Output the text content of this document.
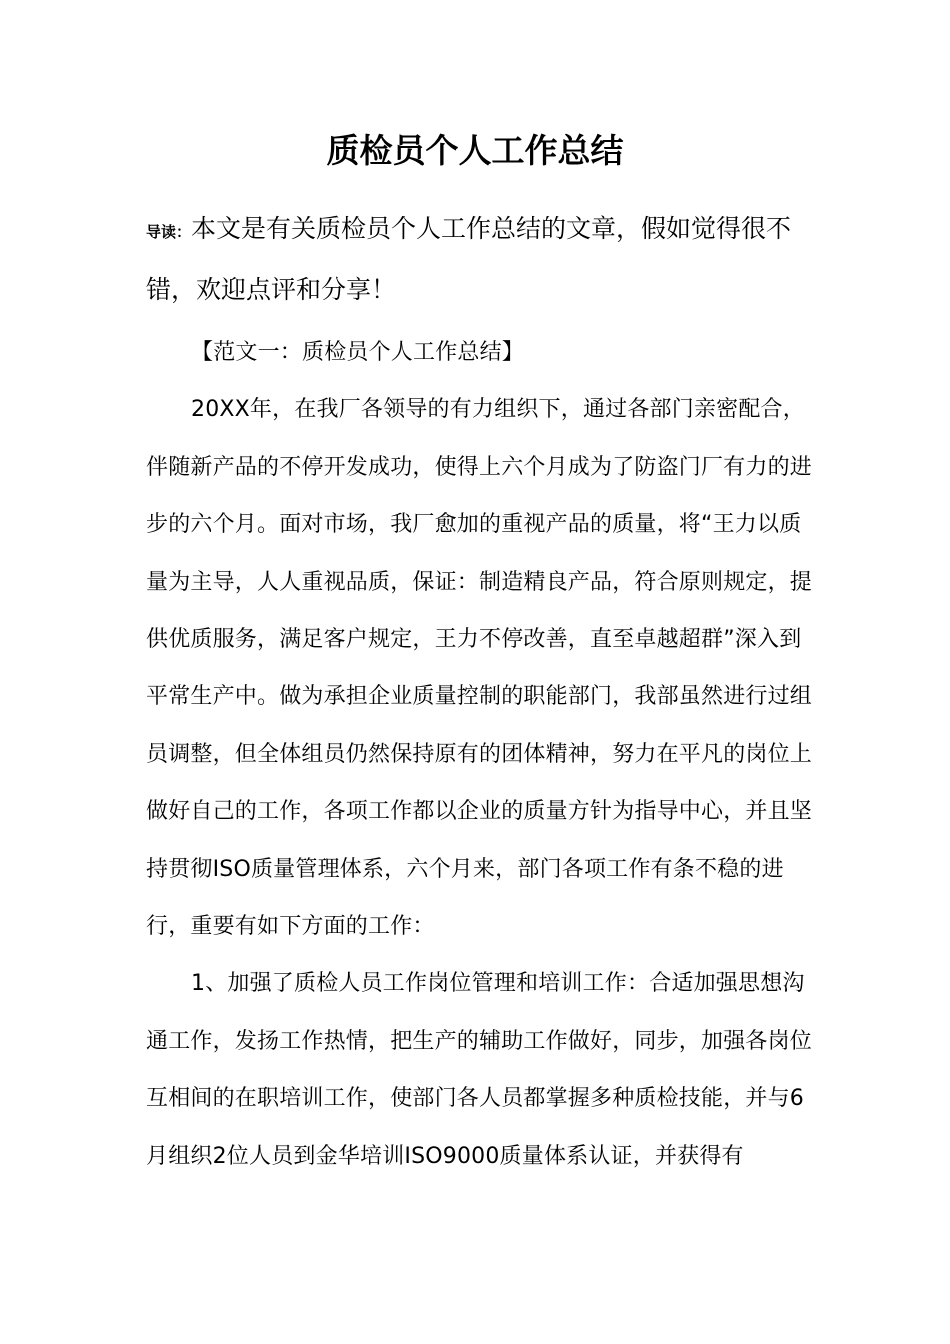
质检员个人工作总结

导读：本文是有关质检员个人工作总结的文章，假如觉得很不错，欢迎点评和分享！

【范文一：质检员个人工作总结】

20XX年，在我厂各领导的有力组织下，通过各部门亲密配合，伴随新产品的不停开发成功，使得上六个月成为了防盗门厂有力的进步的六个月。面对市场，我厂愈加的重视产品的质量，将“王力以质量为主导，人人重视品质，保证：制造精良产品，符合原则规定，提供优质服务，满足客户规定，王力不停改善，直至卓越超群”深入到平常生产中。做为承担企业质量控制的职能部门，我部虽然进行过组员调整，但全体组员仍然保持原有的团体精神，努力在平凡的岗位上做好自己的工作，各项工作都以企业的质量方针为指导中心，并且坚持贯彻ISO质量管理体系，六个月来，部门各项工作有条不稳的进行，重要有如下方面的工作：

1、加强了质检人员工作岗位管理和培训工作：合适加强思想沟通工作，发扬工作热情，把生产的辅助工作做好，同步，加强各岗位互相间的在职培训工作，使部门各人员都掌握多种质检技能，并与6月组织2位人员到金华培训ISO9000质量体系认证，并获得有
